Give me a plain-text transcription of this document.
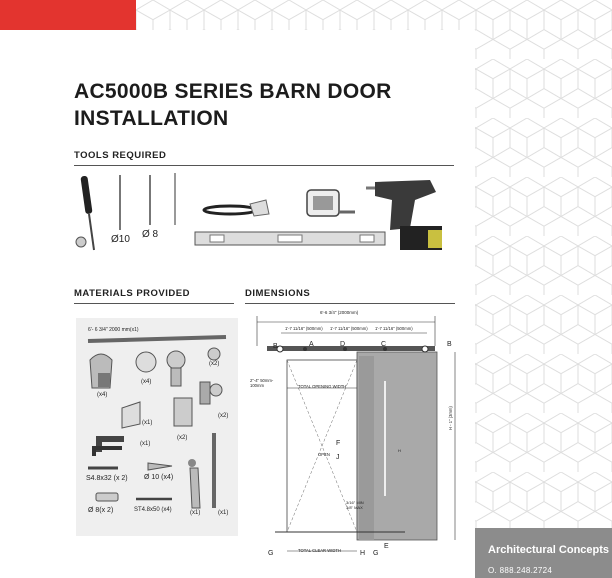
Architectural Concepts
O. 888.248.2724
AC5000B SERIES BARN DOOR
INSTALLATION
TOOLS REQUIRED
Ø10 Ø 8
MATERIALS PROVIDED
6'- 6 3/4" 2000 mm(x1)
(x4)
(x4)
(x2)
(x1)
(x2)
(x2)
(x1)
S4.8x32 (x 2) Ø 10 (x4)
Ø 8(x 2)	ST4.8x50 (x4)	(x1)	(x1)
DIMENSIONS
6'-6 3/4" (2000mm)
1'-7 11/16" (500mm) 1'-7 11/16" (500mm) 1'-7 11/16" (500mm)
2"-4" 50mm-100mm	TOTAL OPENING WIDTH
TOTAL CLEAR WIDTH
OPEN
H
H - 1" (3mm)
3/16" MIN 3/8" MAX
B	A	D	C	B
F
J
E
G	H G
